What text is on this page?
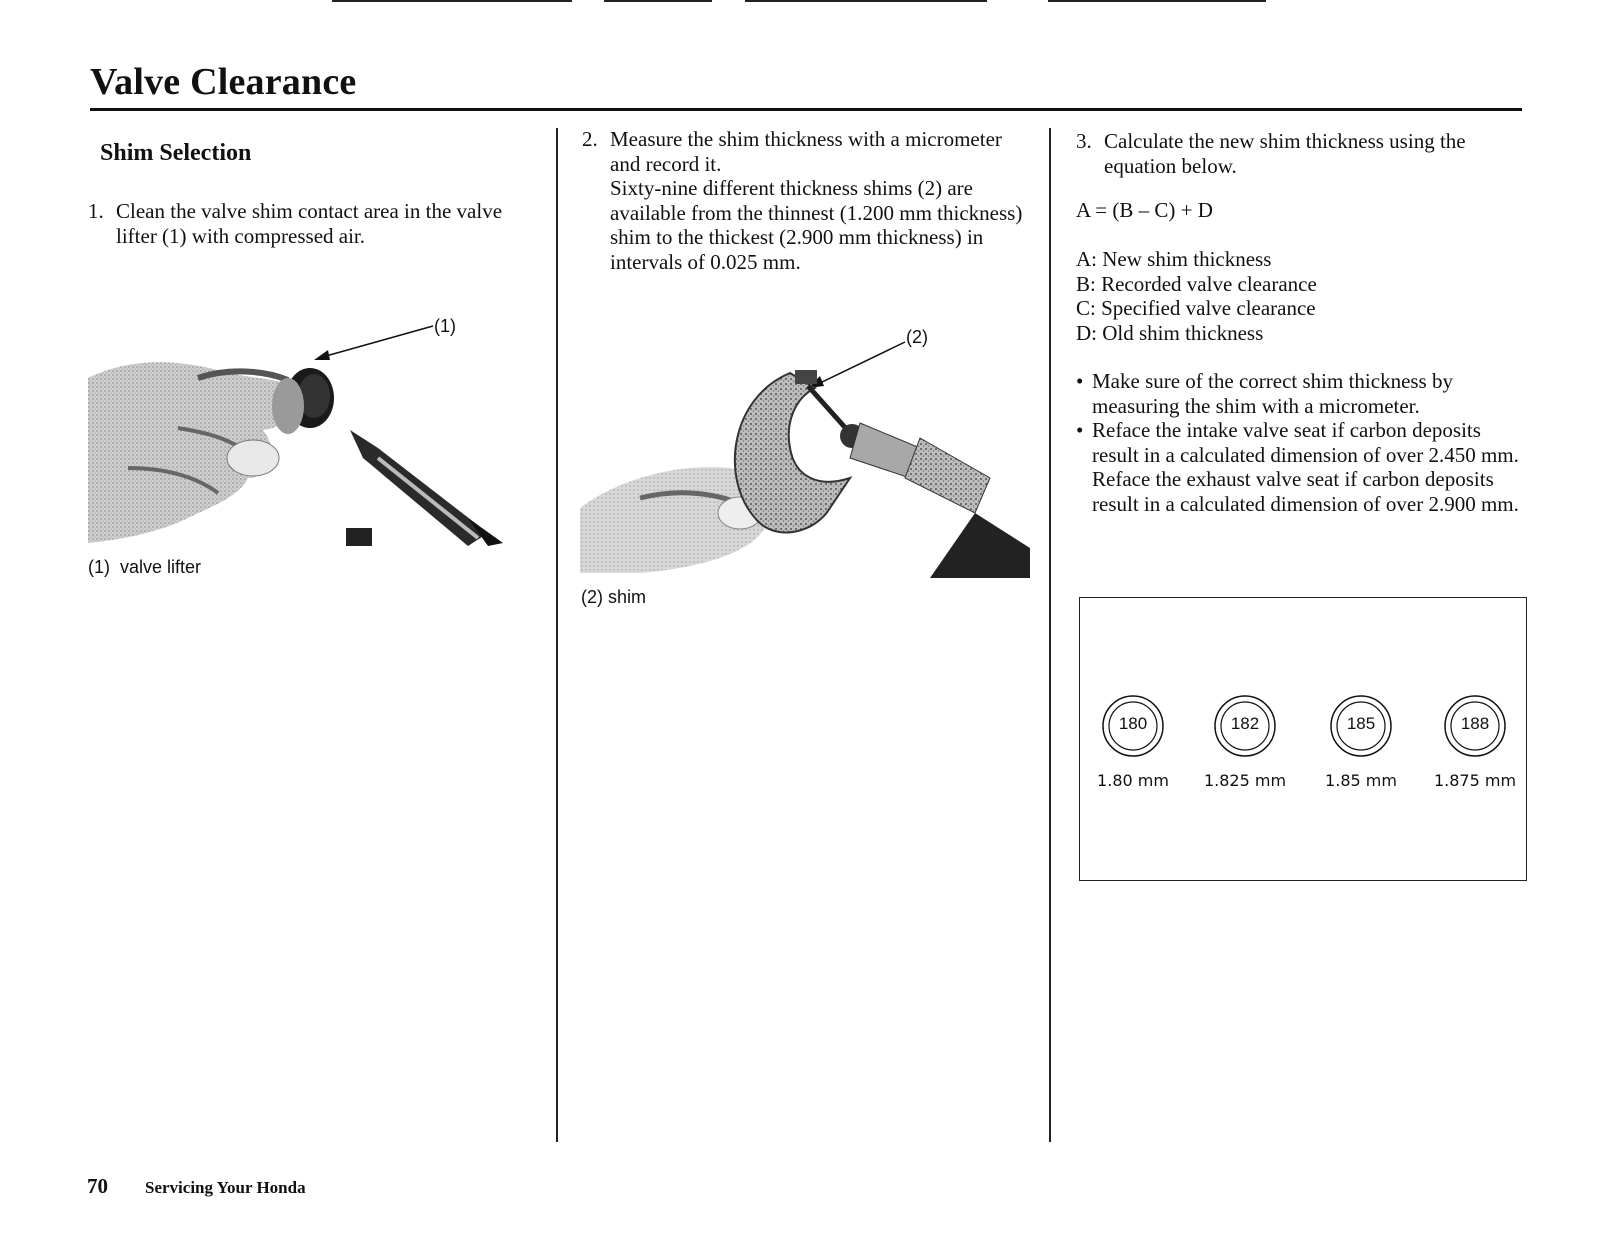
Valve Clearance
Shim Selection
1. Clean the valve shim contact area in the valve lifter (1) with compressed air.

(1)
(1)  valve lifter
2. Measure the shim thickness with a micrometer and record it.

Sixty-nine different thickness shims (2) are available from the thinnest (1.200 mm thickness) shim to the thickest (2.900 mm thickness) in intervals of 0.025 mm.

(2)
(2) shim
3. Calculate the new shim thickness using the equation below.

A = (B – C) + D
A: New shim thickness
B: Recorded valve clearance
C: Specified valve clearance
D: Old shim thickness
• Make sure of the correct shim thickness by measuring the shim with a micrometer.

• Reface the intake valve seat if carbon deposits result in a calculated dimension of over 2.450 mm.

Reface the exhaust valve seat if carbon deposits result in a calculated dimension of over 2.900 mm.

180
1.80 mm
182
1.825 mm
185
1.85 mm
188
1.875 mm
70 Servicing Your Honda
